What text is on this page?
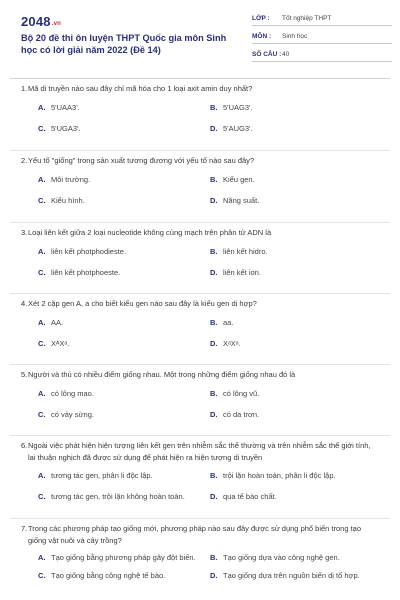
2048.vn
Bộ 20 đề thi ôn luyện THPT Quốc gia môn Sinh học có lời giải năm 2022 (Đề 14)
LỚP :	Tốt nghiệp THPT
MÔN :	Sinh học
SỐ CÂU : 40
1. Mã di truyền nào sau đây chỉ mã hóa cho 1 loại axit amin duy nhất?
A. 5'UAA3'.	B. 5'UAG3'.
C. 5'UGA3'.	D. 5'AUG3'.
2. Yếu tố "giống" trong sản xuất tương đương với yếu tố nào sau đây?
A. Môi trường.	B. Kiểu gen.
C. Kiểu hình.	D. Năng suất.
3. Loại liên kết giữa 2 loại nucleotide không cùng mạch trên phân tử ADN là
A. liên kết photphodieste.	B. liên kết hidro.
C. liên kết photphoeste.	D. liên kết ion.
4. Xét 2 cặp gen A, a cho biết kiểu gen nào sau đây là kiểu gen dị hợp?
A. AA.	B. aa.
C. XᴬXᵃ.	D. XᵃXᵃ.
5. Người và thú có nhiều điểm giống nhau. Một trong những điểm giống nhau đó là
A. có lông mao.	B. có lông vũ.
C. có vảy sừng.	D. có da trơn.
6. Ngoài việc phát hiện hiện tượng liên kết gen trên nhiễm sắc thể thường và trên nhiễm sắc thể giới tính, lai thuận nghịch đã được sử dụng để phát hiện ra hiện tượng di truyền
A. tương tác gen, phân li độc lập.	B. trội lặn hoàn toàn, phân li độc lập.
C. tương tác gen, trội lặn không hoàn toàn.	D. qua tế bào chất.
7. Trong các phương pháp tạo giống mới, phương pháp nào sau đây được sử dụng phổ biến trong tạo giống vật nuôi và cây trồng?
A. Tạo giống bằng phương pháp gây đột biến.	B. Tạo giống dựa vào công nghệ gen.
C. Tạo giống bằng công nghệ tế bào.	D. Tạo giống dựa trên nguồn biến dị tổ hợp.
